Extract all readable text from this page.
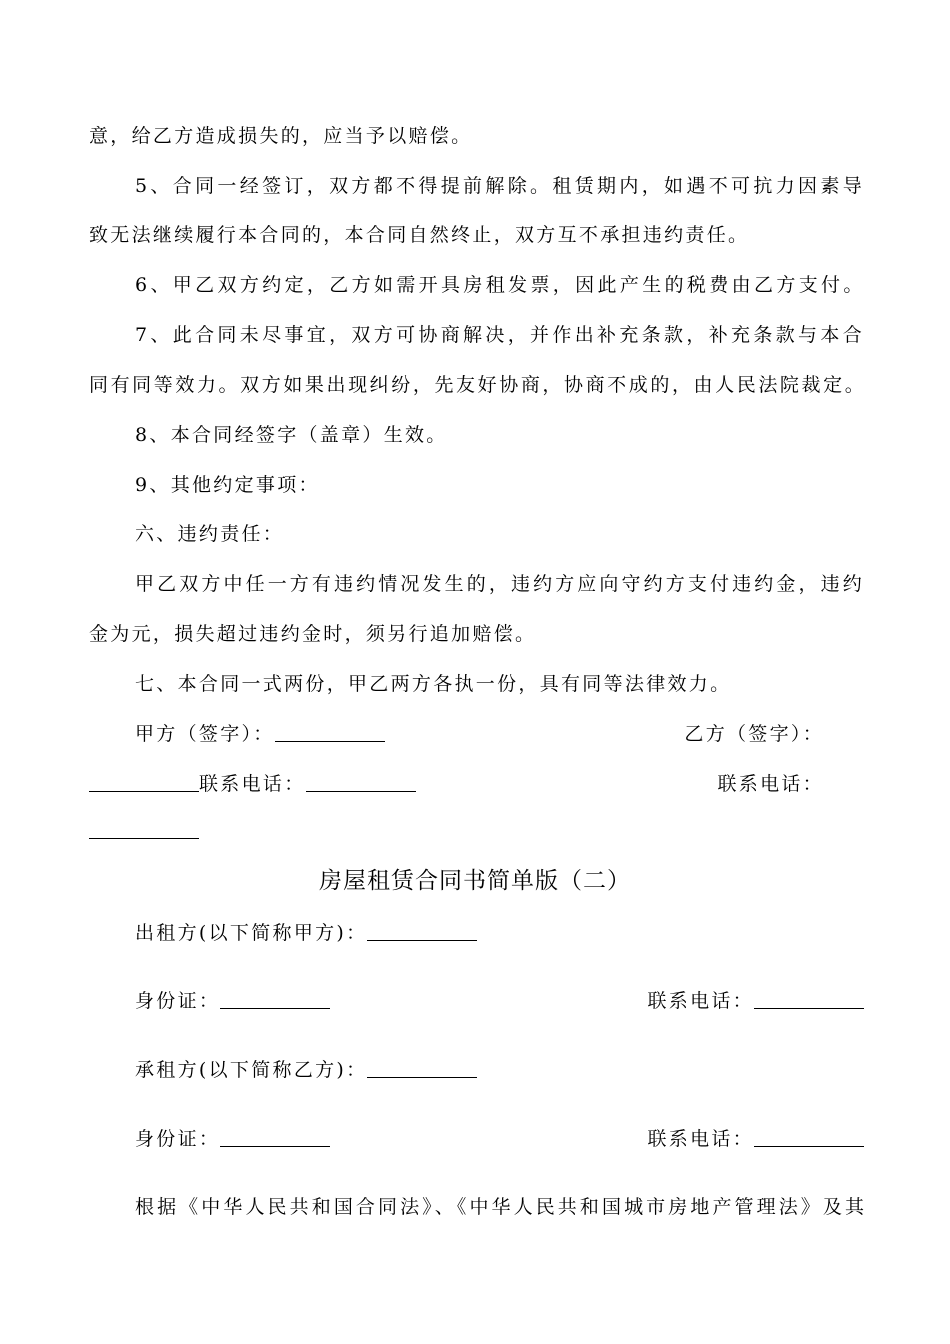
意，给乙方造成损失的，应当予以赔偿。
5、合同一经签订，双方都不得提前解除。租赁期内，如遇不可抗力因素导
致无法继续履行本合同的，本合同自然终止，双方互不承担违约责任。
6、甲乙双方约定，乙方如需开具房租发票，因此产生的税费由乙方支付。
7、此合同未尽事宜，双方可协商解决，并作出补充条款，补充条款与本合
同有同等效力。双方如果出现纠纷，先友好协商，协商不成的，由人民法院裁定。
8、本合同经签字（盖章）生效。
9、其他约定事项：
六、违约责任：
甲乙双方中任一方有违约情况发生的，违约方应向守约方支付违约金，违约
金为元，损失超过违约金时，须另行追加赔偿。
七、本合同一式两份，甲乙两方各执一份，具有同等法律效力。
甲方（签字）：	乙方（签字）：
联系电话：	联系电话：
房屋租赁合同书简单版（二）
出租方(以下简称甲方)：
身份证：	联系电话：
承租方(以下简称乙方)：
身份证：	联系电话：
根据《中华人民共和国合同法》、《中华人民共和国城市房地产管理法》及其
